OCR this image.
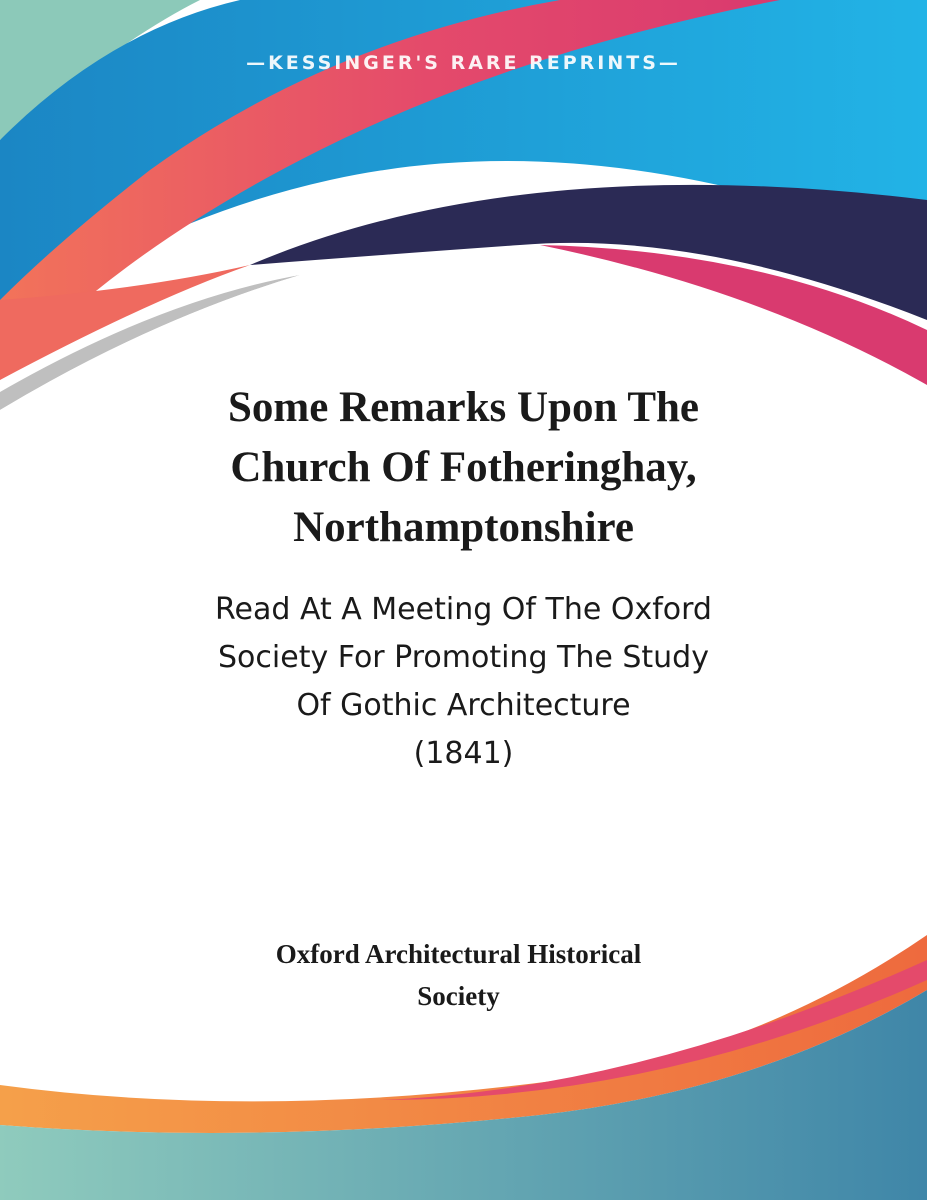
—KESSINGER'S RARE REPRINTS—
Some Remarks Upon The
Church Of Fotheringhay,
Northamptonshire
Read At A Meeting Of The Oxford
Society For Promoting The Study
Of Gothic Architecture
(1841)
Oxford Architectural Historical
Society
